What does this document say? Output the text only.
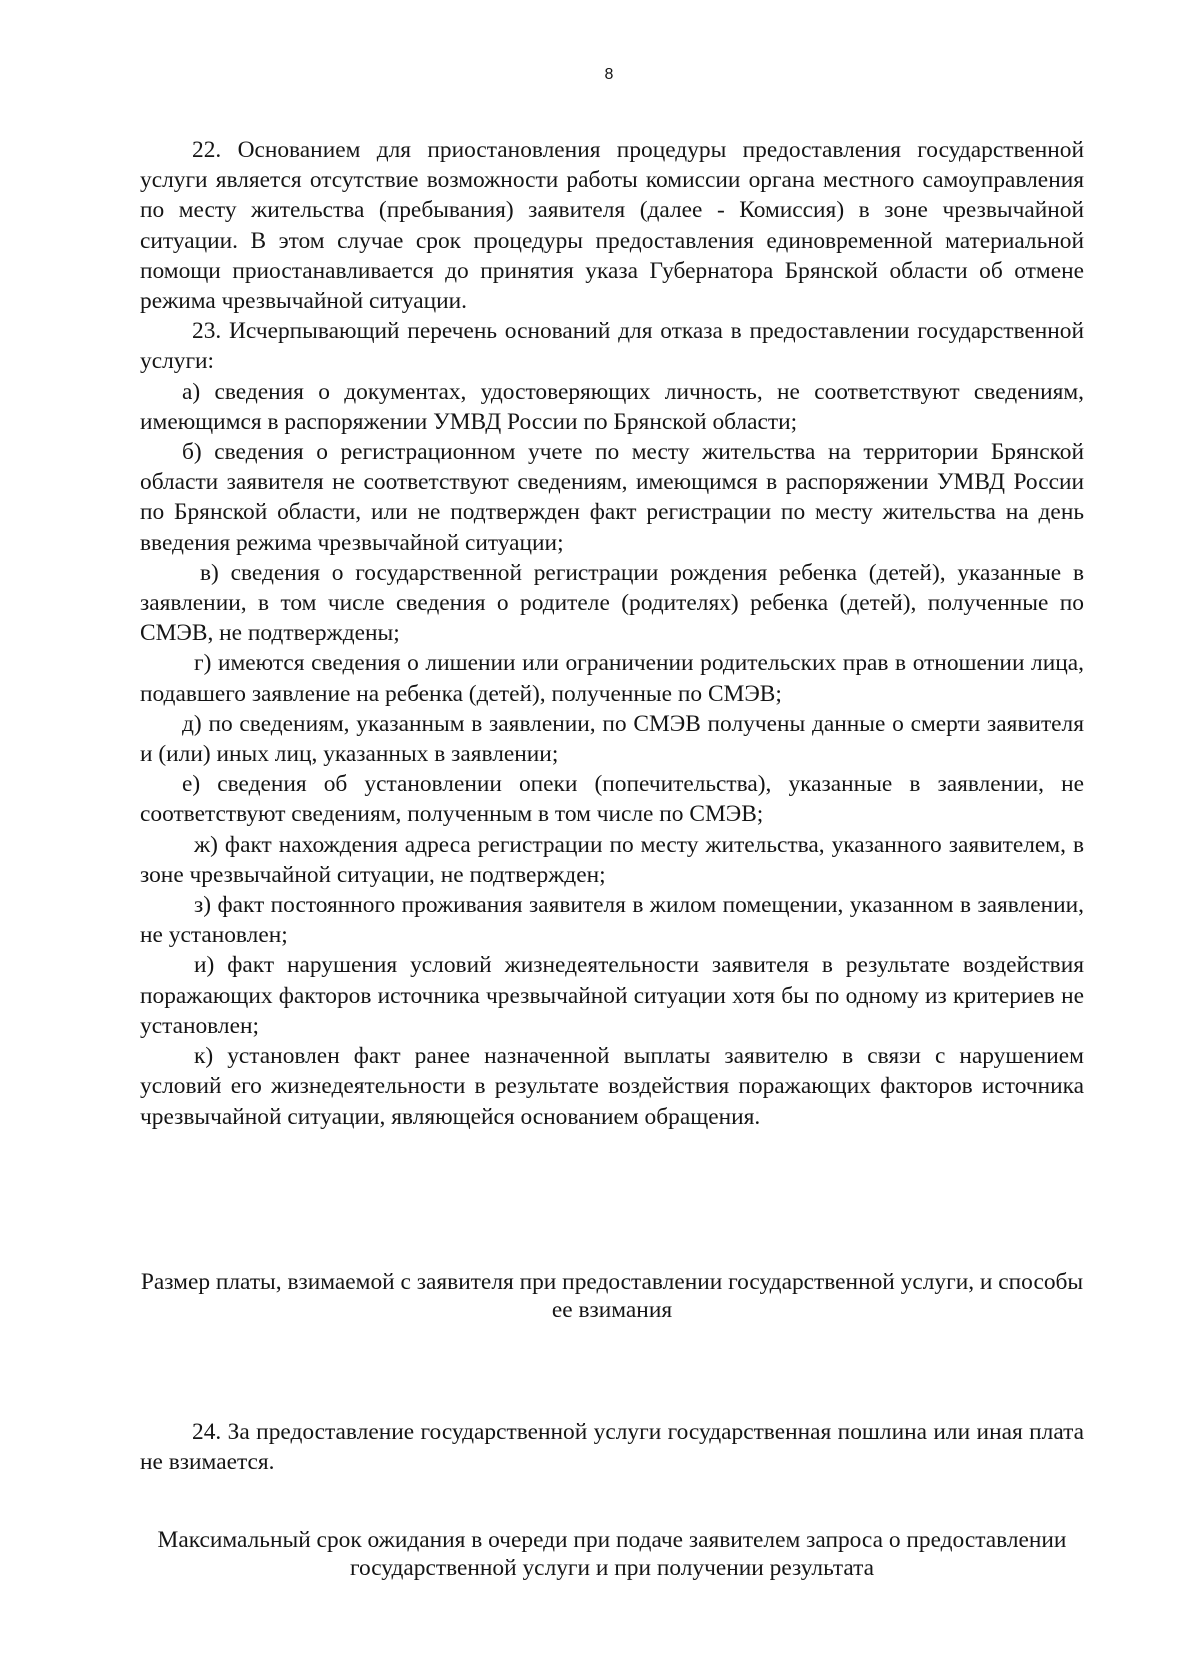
8

22. Основанием для приостановления процедуры предоставления государственной услуги является отсутствие возможности работы комиссии органа местного самоуправления по месту жительства (пребывания) заявителя (далее - Комиссия) в зоне чрезвычайной ситуации. В этом случае срок процедуры предоставления единовременной материальной помощи приостанавливается до принятия указа Губернатора Брянской области об отмене режима чрезвычайной ситуации.

23. Исчерпывающий перечень оснований для отказа в предоставлении государственной услуги:

а) сведения о документах, удостоверяющих личность, не соответствуют сведениям, имеющимся в распоряжении УМВД России по Брянской области;

б) сведения о регистрационном учете по месту жительства на территории Брянской области заявителя не соответствуют сведениям, имеющимся в распоряжении УМВД России по Брянской области, или не подтвержден факт регистрации по месту жительства на день введения режима чрезвычайной ситуации;

в) сведения о государственной регистрации рождения ребенка (детей), указанные в заявлении, в том числе сведения о родителе (родителях) ребенка (детей), полученные по СМЭВ, не подтверждены;

г) имеются сведения о лишении или ограничении родительских прав в отношении лица, подавшего заявление на ребенка (детей), полученные по СМЭВ;

д) по сведениям, указанным в заявлении, по СМЭВ получены данные о смерти заявителя и (или) иных лиц, указанных в заявлении;

е) сведения об установлении опеки (попечительства), указанные в заявлении, не соответствуют сведениям, полученным в том числе по СМЭВ;

ж) факт нахождения адреса регистрации по месту жительства, указанного заявителем, в зоне чрезвычайной ситуации, не подтвержден;

з) факт постоянного проживания заявителя в жилом помещении, указанном в заявлении, не установлен;

и) факт нарушения условий жизнедеятельности заявителя в результате воздействия поражающих факторов источника чрезвычайной ситуации хотя бы по одному из критериев не установлен;

к) установлен факт ранее назначенной выплаты заявителю в связи с нарушением условий его жизнедеятельности в результате воздействия поражающих факторов источника чрезвычайной ситуации, являющейся основанием обращения.

Размер платы, взимаемой с заявителя при предоставлении государственной услуги, и способы ее взимания

24. За предоставление государственной услуги государственная пошлина или иная плата не взимается.

Максимальный срок ожидания в очереди при подаче заявителем запроса о предоставлении государственной услуги и при получении результата
